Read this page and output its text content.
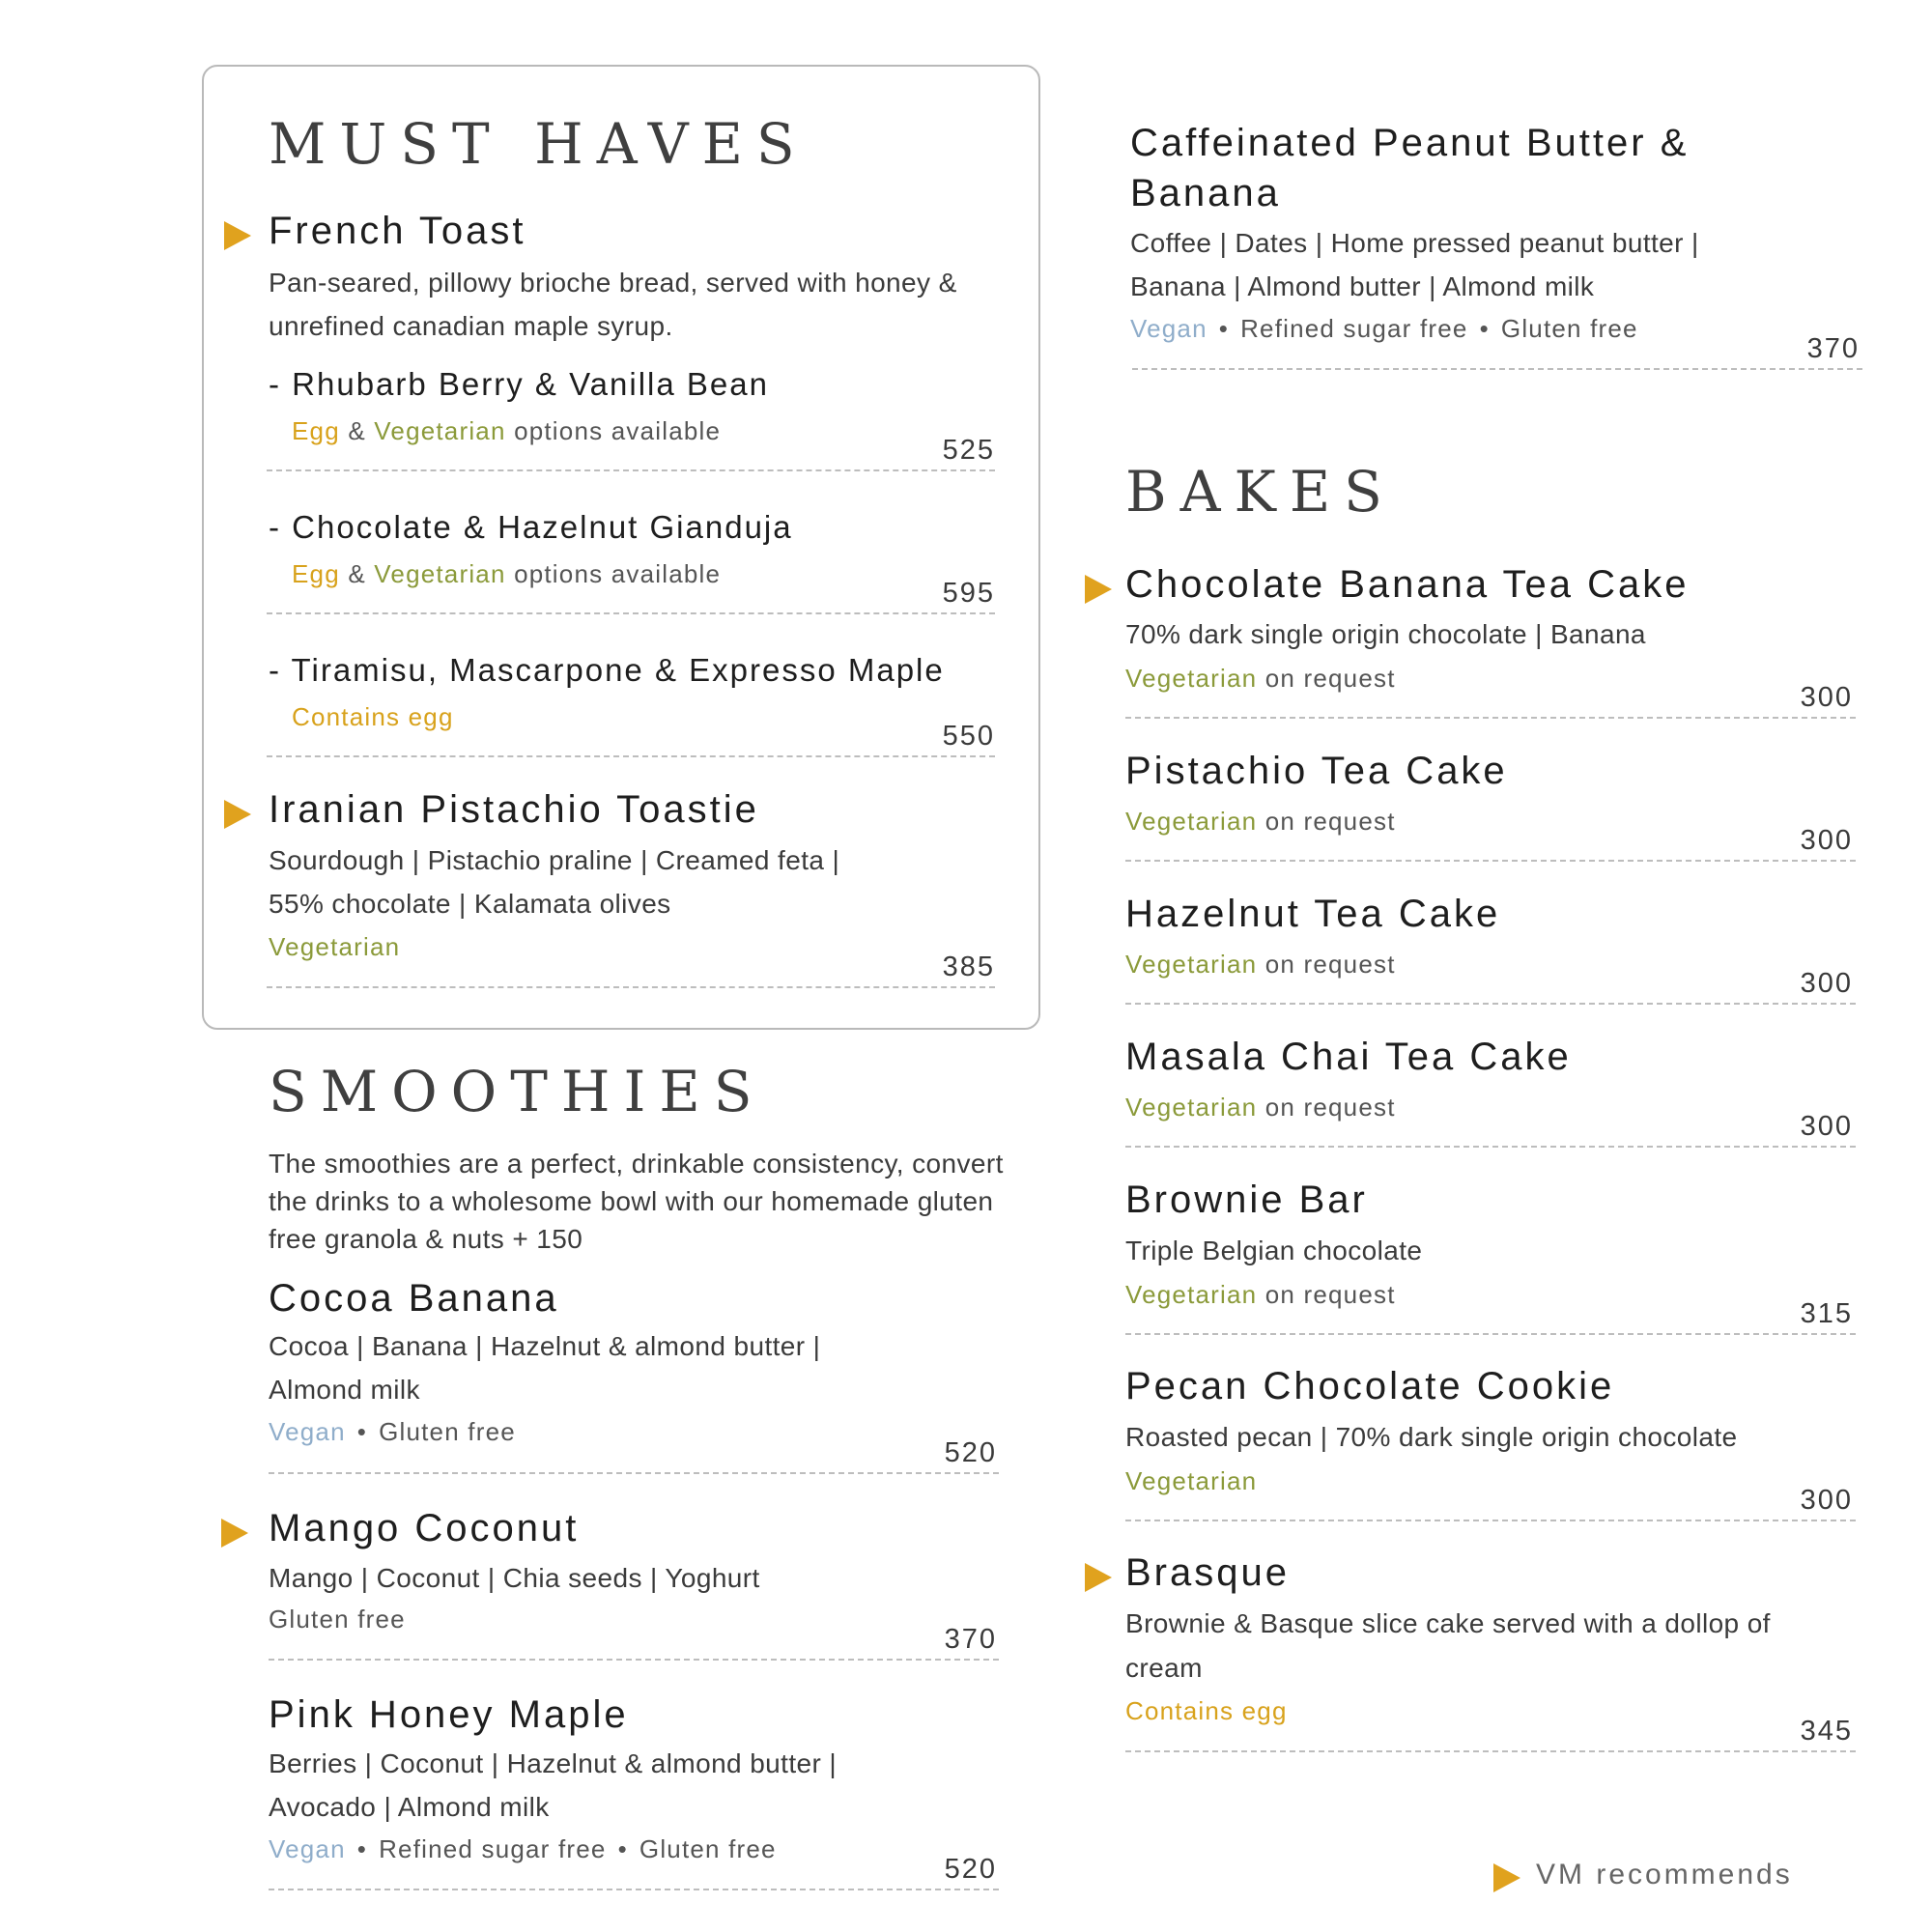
MUST HAVES
French Toast
Pan-seared, pillowy brioche bread, served with honey & unrefined canadian maple syrup.
- Rhubarb Berry & Vanilla Bean
Egg & Vegetarian options available
525
- Chocolate & Hazelnut Gianduja
Egg & Vegetarian options available
595
- Tiramisu, Mascarpone & Expresso Maple
Contains egg
550
Iranian Pistachio Toastie
Sourdough | Pistachio praline | Creamed feta |
55% chocolate | Kalamata olives
Vegetarian
385
SMOOTHIES
The smoothies are a perfect, drinkable consistency, convert the drinks to a wholesome bowl with our homemade gluten free granola & nuts + 150
Cocoa Banana
Cocoa | Banana | Hazelnut & almond butter |
Almond milk
Vegan • Gluten free
520
Mango Coconut
Mango | Coconut | Chia seeds | Yoghurt
Gluten free
370
Pink Honey Maple
Berries | Coconut | Hazelnut & almond butter |
Avocado | Almond milk
Vegan • Refined sugar free • Gluten free
520
Caffeinated Peanut Butter &
Banana
Coffee | Dates | Home pressed peanut butter |
Banana | Almond butter | Almond milk
Vegan • Refined sugar free • Gluten free
370
BAKES
Chocolate Banana Tea Cake
70% dark single origin chocolate | Banana
Vegetarian on request
300
Pistachio Tea Cake
Vegetarian on request
300
Hazelnut Tea Cake
Vegetarian on request
300
Masala Chai Tea Cake
Vegetarian on request
300
Brownie Bar
Triple Belgian chocolate
Vegetarian on request
315
Pecan Chocolate Cookie
Roasted pecan | 70% dark single origin chocolate
Vegetarian
300
Brasque
Brownie & Basque slice cake served with a dollop of
cream
Contains egg
345
VM recommends
